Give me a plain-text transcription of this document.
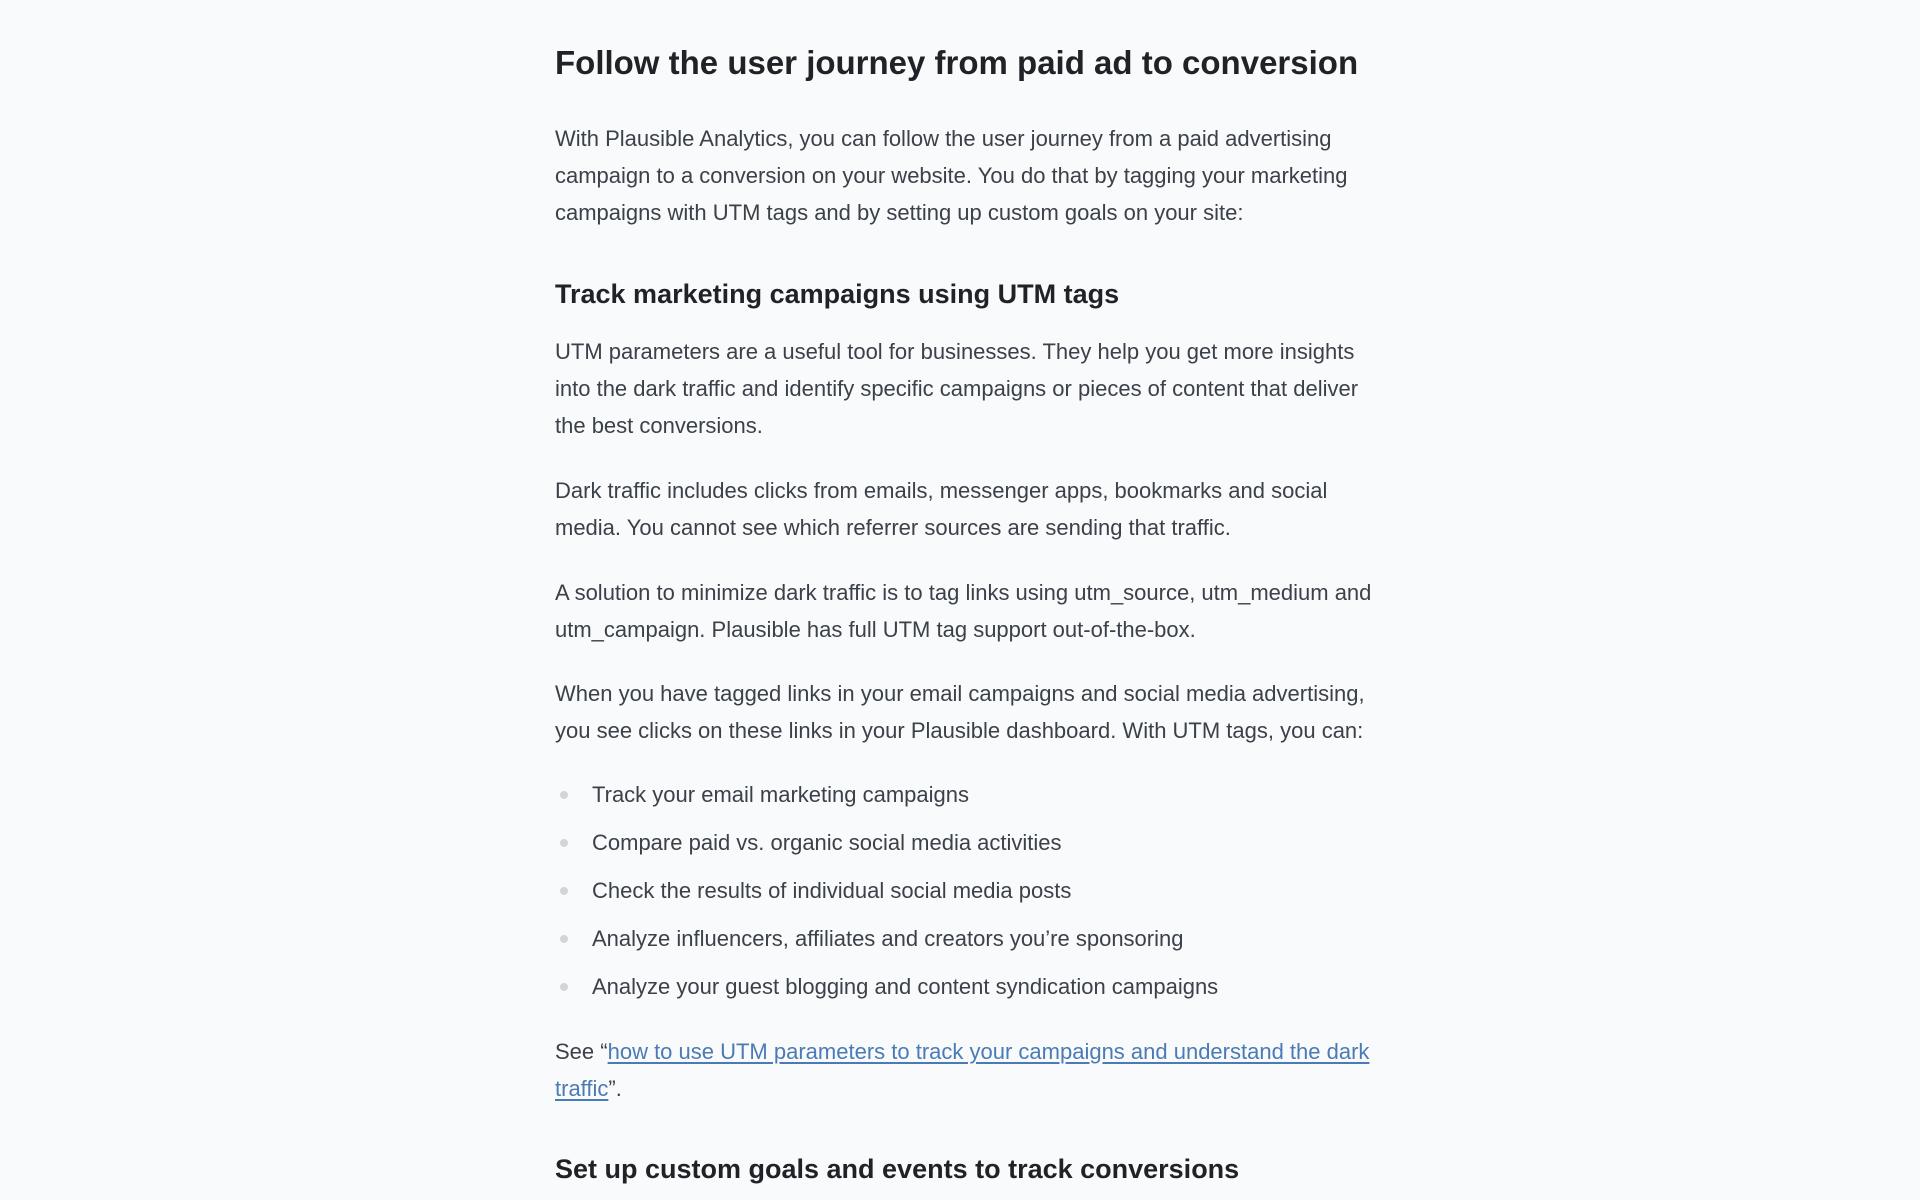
Follow the user journey from paid ad to conversion

With Plausible Analytics, you can follow the user journey from a paid advertising campaign to a conversion on your website. You do that by tagging your marketing campaigns with UTM tags and by setting up custom goals on your site:

Track marketing campaigns using UTM tags

UTM parameters are a useful tool for businesses. They help you get more insights into the dark traffic and identify specific campaigns or pieces of content that deliver the best conversions.

Dark traffic includes clicks from emails, messenger apps, bookmarks and social media. You cannot see which referrer sources are sending that traffic.

A solution to minimize dark traffic is to tag links using utm_source, utm_medium and utm_campaign. Plausible has full UTM tag support out-of-the-box.

When you have tagged links in your email campaigns and social media advertising, you see clicks on these links in your Plausible dashboard. With UTM tags, you can:

Track your email marketing campaigns
Compare paid vs. organic social media activities
Check the results of individual social media posts
Analyze influencers, affiliates and creators you’re sponsoring
Analyze your guest blogging and content syndication campaigns

See “how to use UTM parameters to track your campaigns and understand the dark traffic”.

Set up custom goals and events to track conversions
